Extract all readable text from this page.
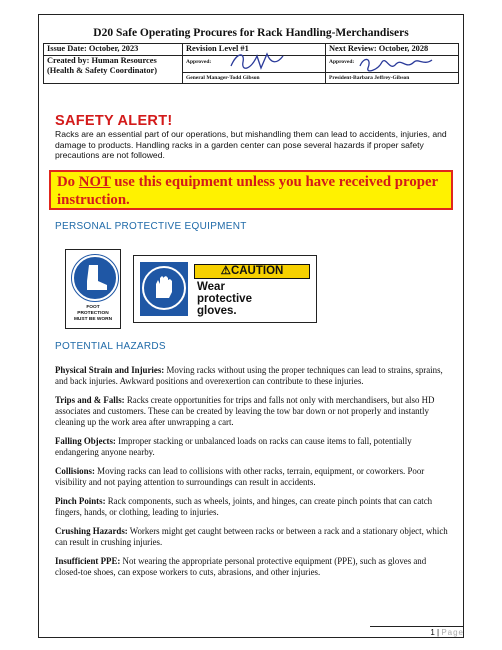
D20 Safe Operating Procures for Rack Handling-Merchandisers
Issue Date: October, 2023	Revision Level #1	Next Review: October, 2028

Created by: Human Resources
(Health & Safety Coordinator)	Approved:	Approved:

	General Manager-Todd Gibson	President-Barbara Jeffrey-Gibson
SAFETY ALERT!
Racks are an essential part of our operations, but mishandling them can lead to accidents, injuries, and damage to products. Handling racks in a garden center can pose several hazards if proper safety precautions are not followed.
Do NOT use this equipment unless you have received proper instruction.
PERSONAL PROTECTIVE EQUIPMENT
FOOT
PROTECTION
MUST BE WORN
⚠CAUTION
Wear
protective
gloves.
POTENTIAL HAZARDS

Physical Strain and Injuries: Moving racks without using the proper techniques can lead to strains, sprains, and back injuries. Awkward positions and overexertion can contribute to these injuries.

Trips and & Falls: Racks create opportunities for trips and falls not only with merchandisers, but also HD associates and customers. These can be created by leaving the tow bar down or not properly and instantly cleaning up the work area after unwrapping a cart.

Falling Objects: Improper stacking or unbalanced loads on racks can cause items to fall, potentially endangering anyone nearby.

Collisions: Moving racks can lead to collisions with other racks, terrain, equipment, or coworkers. Poor visibility and not paying attention to surroundings can result in accidents.

Pinch Points: Rack components, such as wheels, joints, and hinges, can create pinch points that can catch fingers, hands, or clothing, leading to injuries.

Crushing Hazards: Workers might get caught between racks or between a rack and a stationary object, which can result in crushing injuries.

Insufficient PPE: Not wearing the appropriate personal protective equipment (PPE), such as gloves and closed-toe shoes, can expose workers to cuts, abrasions, and other injuries.

1 | Page
